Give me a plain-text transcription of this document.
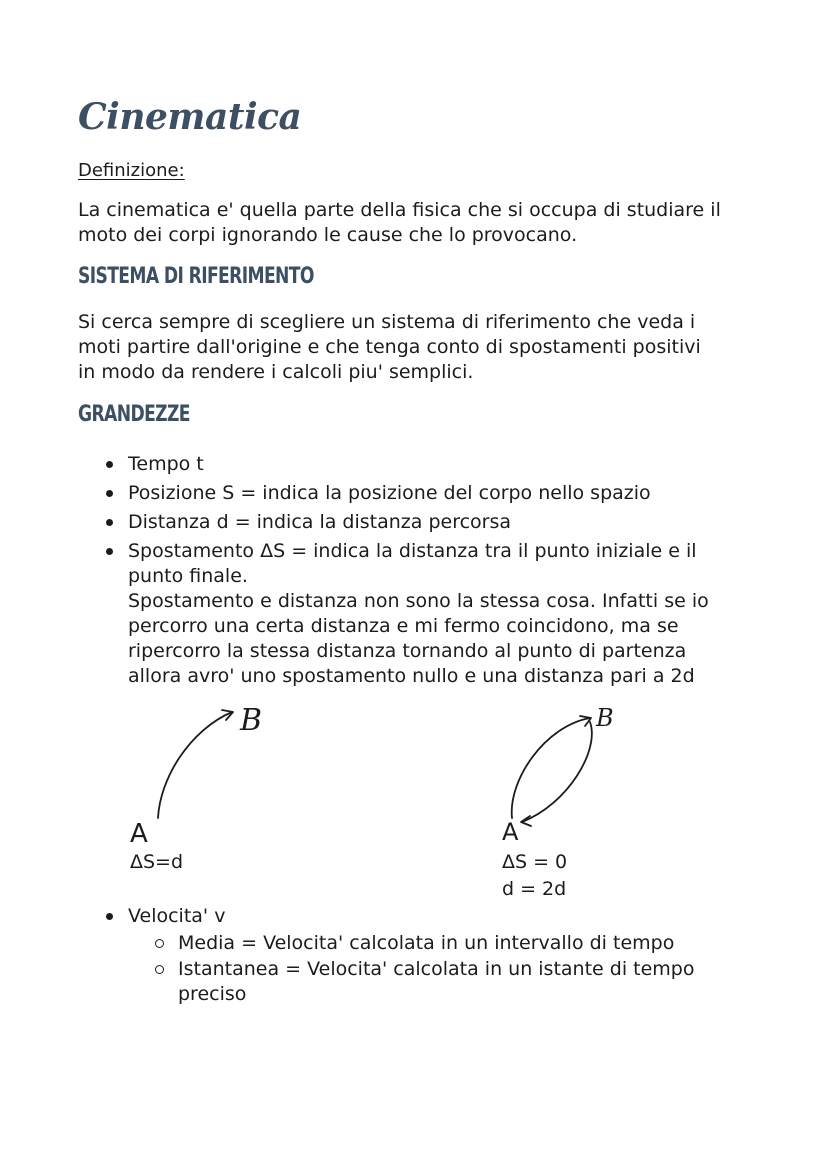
Cinematica

Definizione:

La cinematica e' quella parte della fisica che si occupa di studiare il
moto dei corpi ignorando le cause che lo provocano.

SISTEMA DI RIFERIMENTO

Si cerca sempre di scegliere un sistema di riferimento che veda i
moti partire dall'origine e che tenga conto di spostamenti positivi
in modo da rendere i calcoli piu' semplici.

GRANDEZZE
Tempo t
Posizione S = indica la posizione del corpo nello spazio
Distanza d = indica la distanza percorsa
Spostamento ΔS = indica la distanza tra il punto iniziale e il
punto finale.
Spostamento e distanza non sono la stessa cosa. Infatti se io
percorro una certa distanza e mi fermo coincidono, ma se
ripercorro la stessa distanza tornando al punto di partenza
allora avro' uno spostamento nullo e una distanza pari a 2d
B
A
B
A
ΔS=d	ΔS = 0
d = 2d
Velocita' v
Media = Velocita' calcolata in un intervallo di tempo
Istantanea = Velocita' calcolata in un istante di tempo
preciso
